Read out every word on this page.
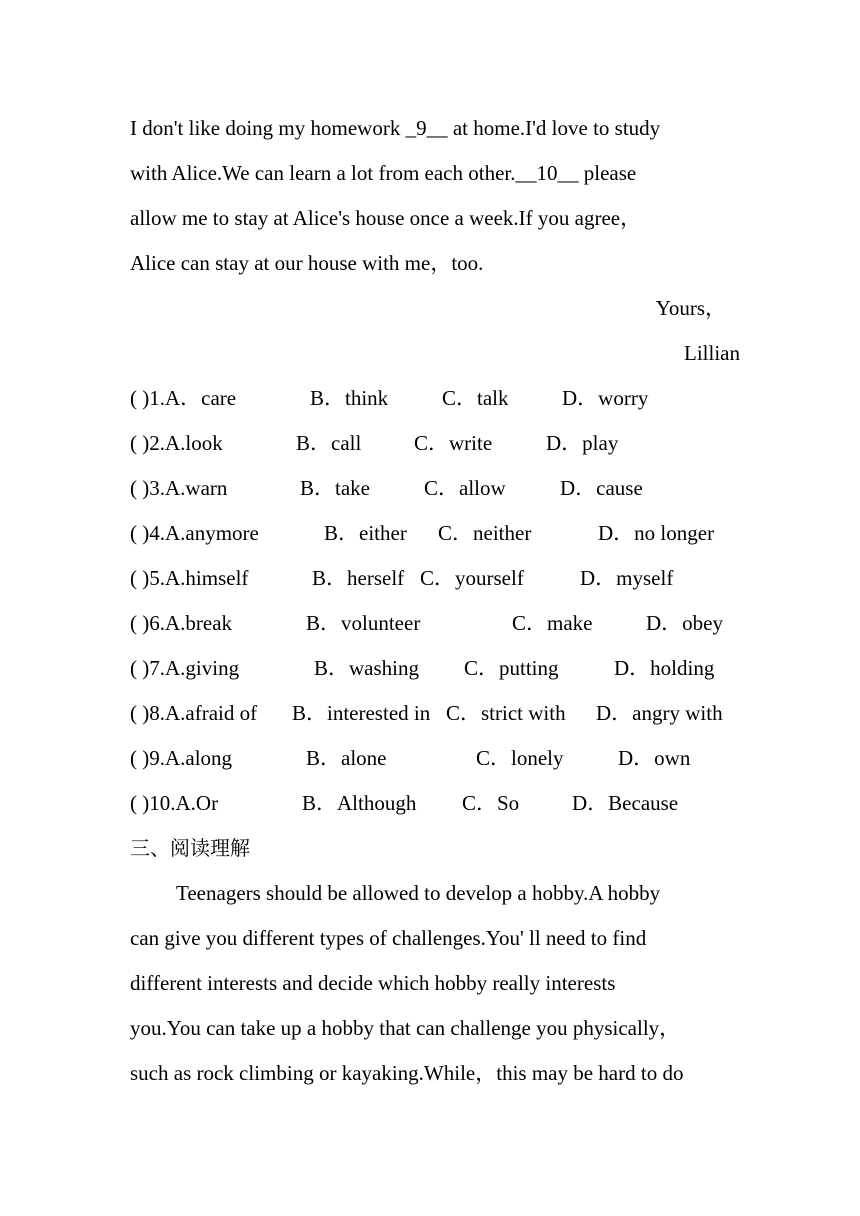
I don't like doing my homework _9__ at home.I'd love to study
with Alice.We can learn a lot from each other.__10__ please
allow me to stay at Alice's house once a week.If you agree，
Alice can stay at our house with me，too.
Yours，
Lillian
( )1.A．care	B．think	C．talk	D．worry
( )2.A.look	B．call	C．write	D．play
( )3.A.warn	B．take	C．allow	D．cause
( )4.A.anymore	B．either C．neither	D．no longer
( )5.A.himself	B．herself C．yourself	D．myself
( )6.A.break	B．volunteer	C．make	D．obey
( )7.A.giving	B．washing C．putting	D．holding
( )8.A.afraid of B．interested in C．strict with D．angry with
( )9.A.along	B．alone	C．lonely	D．own
( )10.A.Or	B．Although C．So	D．Because
三、阅读理解
Teenagers should be allowed to develop a hobby.A hobby
can give you different types of challenges.You' ll need to find
different interests and decide which hobby really interests
you.You can take up a hobby that can challenge you physically，
such as rock climbing or kayaking.While，this may be hard to do
